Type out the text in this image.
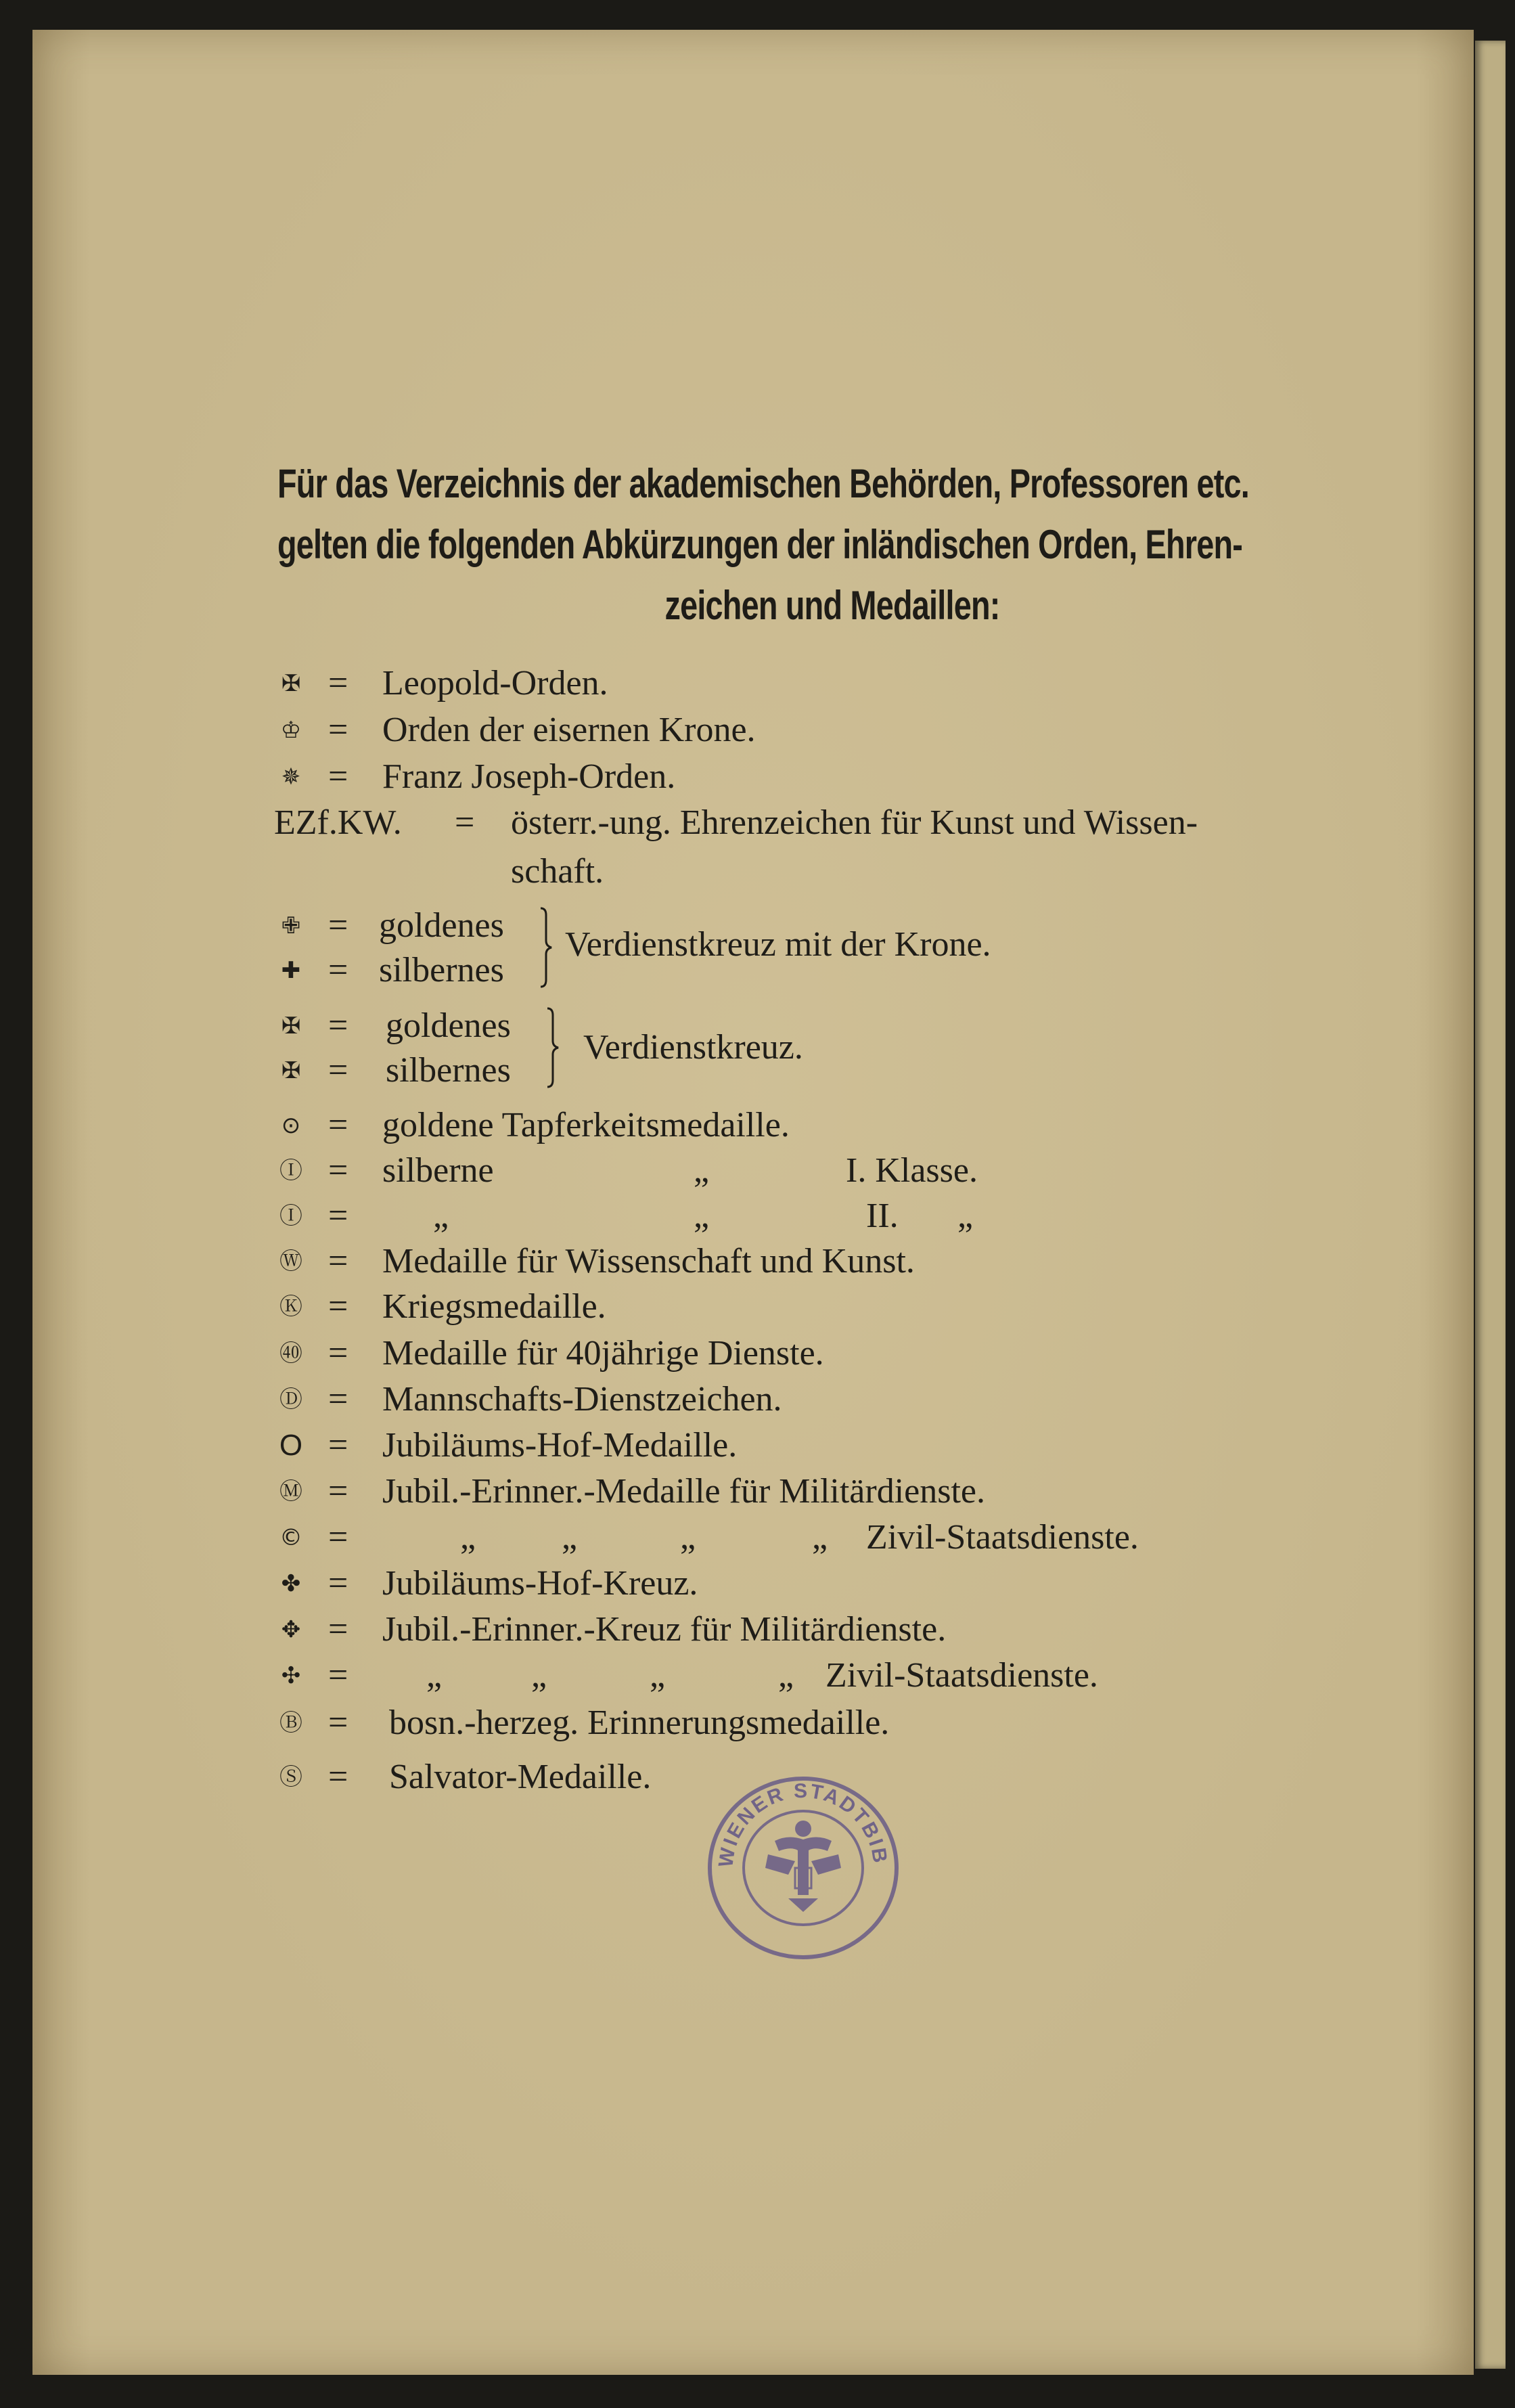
Für das Verzeichnis der akademischen Behörden, Professoren etc.
gelten die folgenden Abkürzungen der inländischen Orden, Ehren-
zeichen und Medaillen:
✠ = Leopold-Orden.
♔ = Orden der eisernen Krone.
✵ = Franz Joseph-Orden.
EZf.KW. = österr.-ung. Ehrenzeichen für Kunst und Wissen-
schaft.
✙ = goldenes
✚ = silbernes
Verdienstkreuz mit der Krone.
✠ = goldenes
✠ = silbernes
Verdienstkreuz.
⊙ = goldene Tapferkeitsmedaille.
Ⓘ = silberne	„	I. Klasse.
Ⓘ = „	„	II. „
Ⓦ = Medaille für Wissenschaft und Kunst.
Ⓚ = Kriegsmedaille.
㊵ = Medaille für 40jährige Dienste.
Ⓓ = Mannschafts-Dienstzeichen.
O = Jubiläums-Hof-Medaille.
Ⓜ = Jubil.-Erinner.-Medaille für Militärdienste.
© =	„ „	„	„ Zivil-Staatsdienste.
✤ = Jubiläums-Hof-Kreuz.
✥ = Jubil.-Erinner.-Kreuz für Militärdienste.
✣ = „	„	„	„ Zivil-Staatsdienste.
Ⓑ = bosn.-herzeg. Erinnerungsmedaille.
Ⓢ = Salvator-Medaille.
WIENER STADTBIB
